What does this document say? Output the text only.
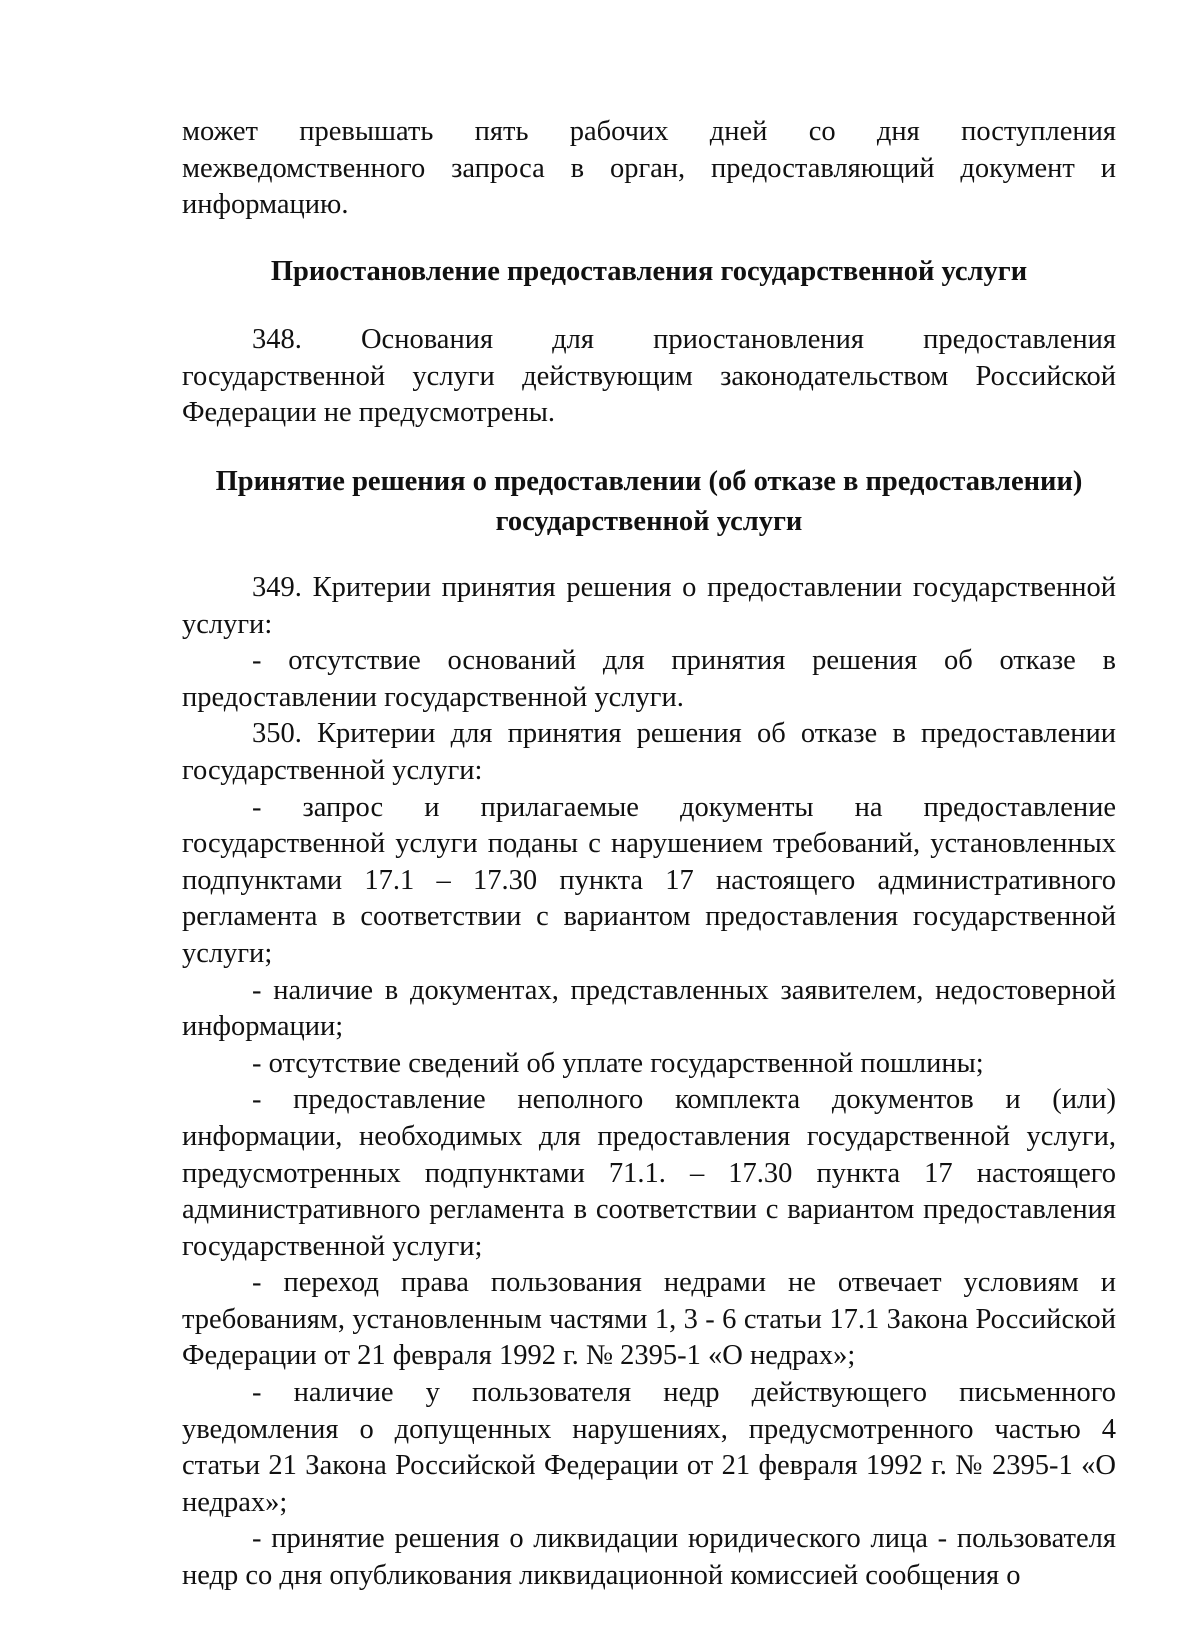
может превышать пять рабочих дней со дня поступления межведомственного запроса в орган, предоставляющий документ и информацию.

Приостановление предоставления государственной услуги

348. Основания для приостановления предоставления государственной услуги действующим законодательством Российской Федерации не предусмотрены.

Принятие решения о предоставлении (об отказе в предоставлении)

государственной услуги

349. Критерии принятия решения о предоставлении государственной услуги:

- отсутствие оснований для принятия решения об отказе в предоставлении государственной услуги.

350. Критерии для принятия решения об отказе в предоставлении государственной услуги:

- запрос и прилагаемые документы на предоставление государственной услуги поданы с нарушением требований, установленных подпунктами 17.1 – 17.30 пункта 17 настоящего административного регламента в соответствии с вариантом предоставления государственной услуги;

- наличие в документах, представленных заявителем, недостоверной информации;

- отсутствие сведений об уплате государственной пошлины;

- предоставление неполного комплекта документов и (или) информации, необходимых для предоставления государственной услуги, предусмотренных подпунктами 71.1. – 17.30 пункта 17 настоящего административного регламента в соответствии с вариантом предоставления государственной услуги;

- переход права пользования недрами не отвечает условиям и требованиям, установленным частями 1, 3 - 6 статьи 17.1 Закона Российской Федерации от 21 февраля 1992 г. № 2395-1 «О недрах»;

- наличие у пользователя недр действующего письменного уведомления о допущенных нарушениях, предусмотренного частью 4 статьи 21 Закона Российской Федерации от 21 февраля 1992 г. № 2395-1 «О недрах»;

- принятие решения о ликвидации юридического лица - пользователя недр со дня опубликования ликвидационной комиссией сообщения о
